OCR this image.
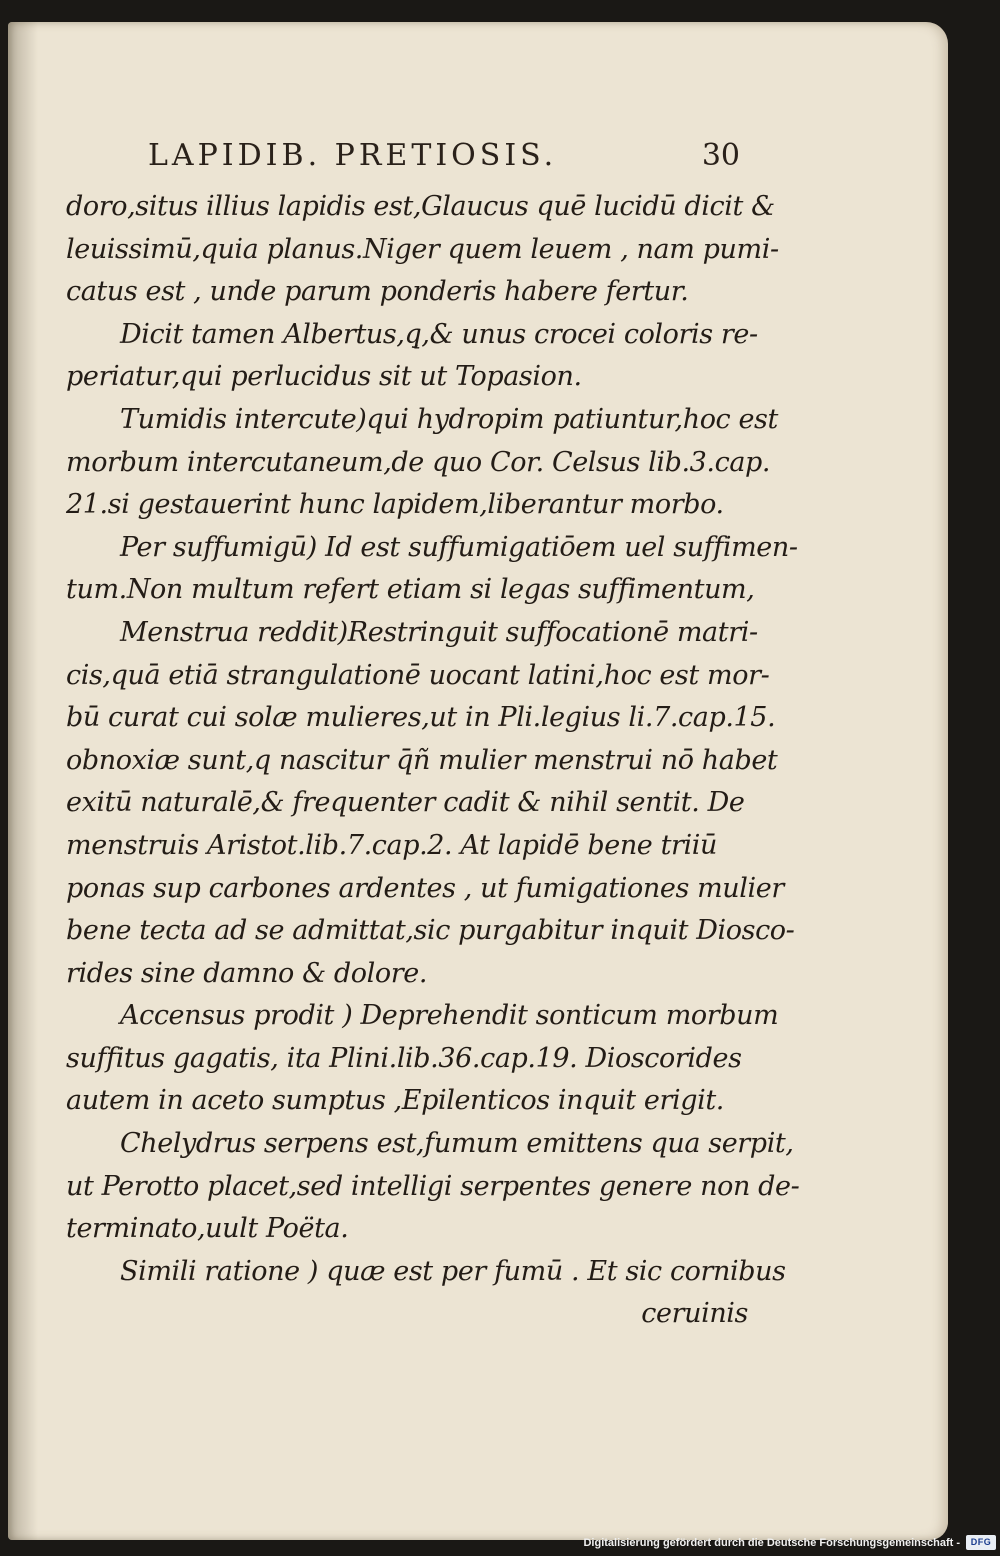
LAPIDIB. PRETIOSIS.	30
doro,situs illius lapidis est,Glaucus quē lucidū dicit &
leuissimū,quia planus.Niger quem leuem , nam pumi-
catus est , unde parum ponderis habere fertur.
Dicit tamen Albertus,q̧,& unus crocei coloris re-
periatur,qui perlucidus sit ut Topasion.
Tumidis intercute)qui hydropim patiuntur,hoc est
morbum intercutaneum,de quo Cor. Celsus lib.3.cap.
21.si gestauerint hunc lapidem,liberantur morbo.
Per suffumigū) Id est suffumigatiōem uel suffimen-
tum.Non multum refert etiam si legas suffimentum,
Menstrua reddit)Restringuit suffocationē matri-
cis,quā etiā strangulationē uocant latini,hoc est mor-
bū curat cui solæ mulieres,ut in Pli.legius li.7.cap.15.
obnoxiæ sunt,q nascitur q̄ñ mulier menstrui nō habet
exitū naturalē,& frequenter cadit & nihil sentit. De
menstruis Aristot.lib.7.cap.2. At lapidē bene triiū
ponas sup carbones ardentes , ut fumigationes mulier
bene tecta ad se admittat,sic purgabitur inquit Diosco-
rides sine damno & dolore.
Accensus prodit ) Deprehendit sonticum morbum
suffitus gagatis, ita Plini.lib.36.cap.19. Dioscorides
autem in aceto sumptus ,Epilenticos inquit erigit.
Chelydrus serpens est,fumum emittens qua serpit,
ut Perotto placet,sed intelligi serpentes genere non de-
terminato,uult Poëta.
Simili ratione ) quæ est per fumū . Et sic cornibus
ceruinis
Digitalisierung gefördert durch die Deutsche Forschungsgemeinschaft -	DFG
